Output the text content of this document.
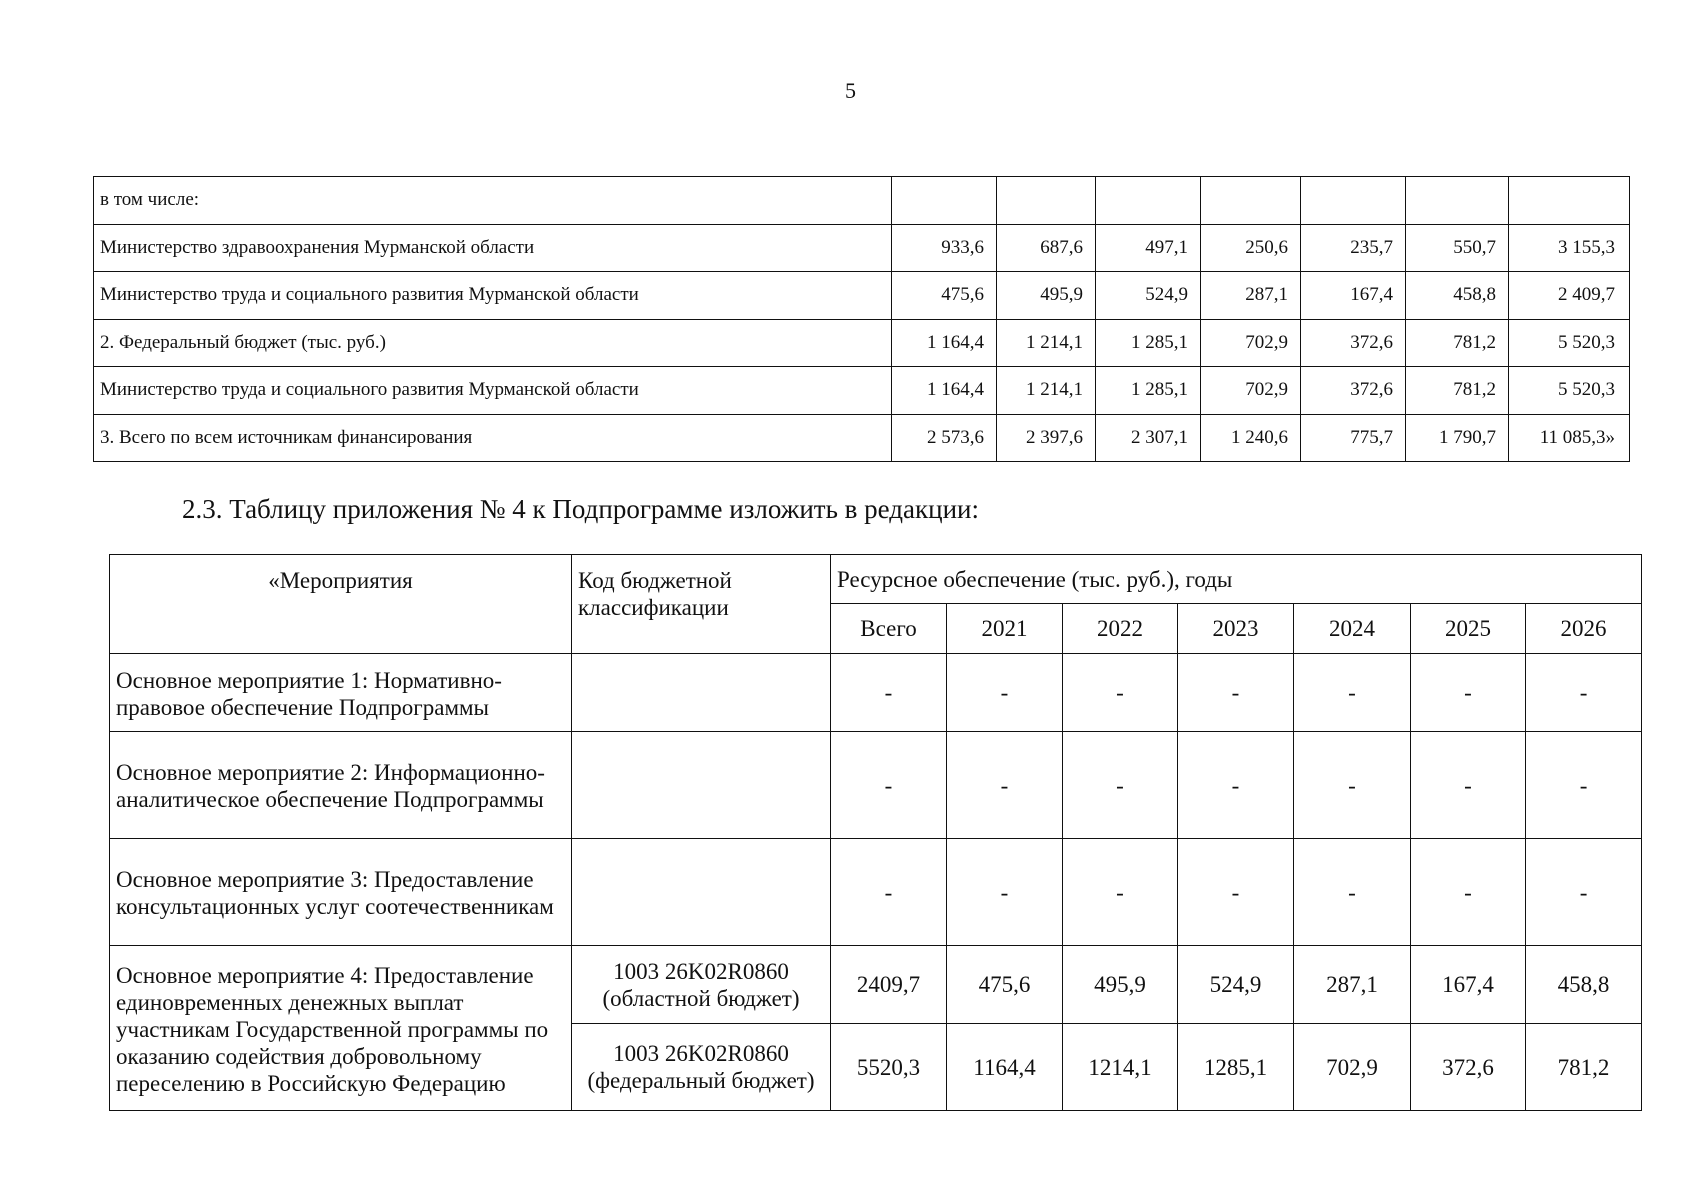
5
в том числе:							
Министерство здравоохранения Мурманской области	933,6	687,6	497,1	250,6	235,7	550,7	3 155,3
Министерство труда и социального развития Мурманской области	475,6	495,9	524,9	287,1	167,4	458,8	2 409,7
2. Федеральный бюджет (тыс. руб.)	1 164,4	1 214,1	1 285,1	702,9	372,6	781,2	5 520,3
Министерство труда и социального развития Мурманской области	1 164,4	1 214,1	1 285,1	702,9	372,6	781,2	5 520,3
3. Всего по всем источникам финансирования	2 573,6	2 397,6	2 307,1	1 240,6	775,7	1 790,7	11 085,3»
2.3. Таблицу приложения № 4 к Подпрограмме изложить в редакции:
«Мероприятия	Код бюджетной классификации	Ресурсное обеспечение (тыс. руб.), годы						
		Всего	2021	2022	2023	2024	2025	2026
Основное мероприятие 1: Нормативно-правовое обеспечение Подпрограммы		-	-	-	-	-	-	-
Основное мероприятие 2: Информационно-аналитическое обеспечение Подпрограммы		-	-	-	-	-	-	-
Основное мероприятие 3: Предоставление консультационных услуг соотечественникам		-	-	-	-	-	-	-
Основное мероприятие 4: Предоставление единовременных денежных выплат участникам Государственной программы по оказанию содействия добровольному переселению в Российскую Федерацию	1003 26K02R0860 (областной бюджет)	2409,7	475,6	495,9	524,9	287,1	167,4	458,8
	1003 26K02R0860 (федеральный бюджет)	5520,3	1164,4	1214,1	1285,1	702,9	372,6	781,2
